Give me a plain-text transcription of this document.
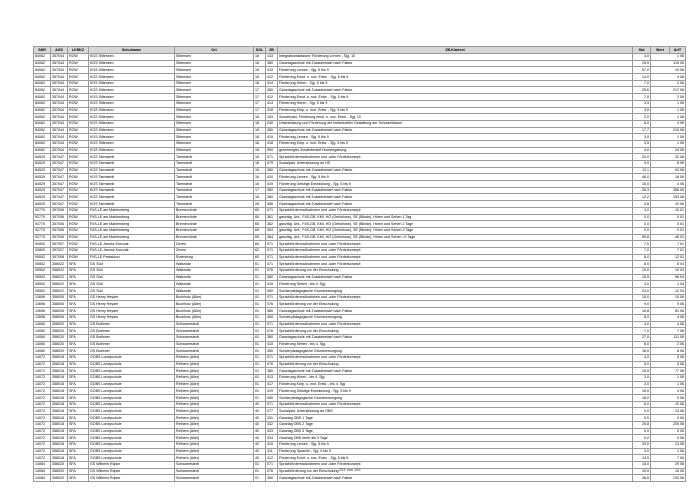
SNR	AGS	LKRKZ	Schulname	Ort	SGL	ZB	ZB-Klartext	Std	Wert	ArtT
84062	357044	ROW	KGS Sittensen	Sittensen	16	143	Integrationsklassen: Förderung Lernen - Sjg. 10	3,0	1 06	
84062	357044	ROW	KGS Sittensen	Sittensen	16	380	Ganztagsschule mit Zusatzbedarf nach Faktor	15,0	115 06	
84062	357044	ROW	KGS Sittensen	Sittensen	16	410	Förderung Lernen - Sjg. 5 bis 9	57,0	19 06	
84062	357044	ROW	KGS Sittensen	Sittensen	16	412	Förderung Emot. u. soz. Entw. - Sjg. 5 bis 9	14,0	4 06	
84062	357044	ROW	KGS Sittensen	Sittensen	16	414	Förderung Hören - Sjg. 5 bis 9	7,0	2 06	
84062	357044	ROW	KGS Sittensen	Sittensen	17	380	Ganztagsschule mit Zusatzbedarf nach Faktor	25,6	217 06	
84062	357044	ROW	KGS Sittensen	Sittensen	17	412	Förderung Emot. u. soz. Entw. - Sjg. 5 bis 9	7,0	2 06	
84062	357044	ROW	KGS Sittensen	Sittensen	17	414	Förderung Hören - Sjg. 5 bis 9	3,5	1 06	
84062	357044	ROW	KGS Sittensen	Sittensen	17	418	Förderung Körp. u. mot. Entw. - Sjg. 5 bis 9	3,5	1 06	
84062	357044	ROW	KGS Sittensen	Sittensen	18	153	Sonderpäd. Förderung emot. u. soz. Entw. - Sjg. 10	2,0	1 06	
84062	357044	ROW	KGS Sittensen	Sittensen	18	240	Unterstützung und Förderung der individuellen Gestaltung der Schulzeitdauer	8,0	4 06	
84062	357044	ROW	KGS Sittensen	Sittensen	18	380	Ganztagsschule mit Zusatzbedarf nach Faktor	17,7	219 06	
84062	357044	ROW	KGS Sittensen	Sittensen	18	415	Förderung Lernen - Sjg. 5 bis 9	3,0	1 06	
84062	357044	ROW	KGS Sittensen	Sittensen	18	418	Förderung Körp. u. mot. Entw. - Sjg. 5 bis 9	3,5	1 06	
84062	357044	ROW	KGS Sittensen	Sittensen	18	950	genehmigter Zusatzbedarf Hochbegabung	4,0	24 06	
84529	357047	ROW	KGS Tarmstedt	Tarmstedt	16	071	Sprachfördermaßnahmen und -oder Förderkonzept	20,0	32 06	
84529	357047	ROW	KGS Tarmstedt	Tarmstedt	16	079	Sozialpäd. Unterstützung an HS	9,0	8 06	
84529	357047	ROW	KGS Tarmstedt	Tarmstedt	16	380	Ganztagsschule mit Zusatzbedarf nach Faktor	12,1	92 06	
84529	357047	ROW	KGS Tarmstedt	Tarmstedt	16	410	Förderung Lernen - Sjg. 5 bis 9	48,0	16 06	
84529	357047	ROW	KGS Tarmstedt	Tarmstedt	16	419	Förderung Geistige Entwicklung - Sjg. 5 bis 9	15,0	4 06	
84529	357047	ROW	KGS Tarmstedt	Tarmstedt	17	380	Ganztagsschule mit Zusatzbedarf nach Faktor	28,3	356 06	
84529	357047	ROW	KGS Tarmstedt	Tarmstedt	18	380	Ganztagsschule mit Zusatzbedarf nach Faktor	12,2	153 06	
84529	357047	ROW	KGS Tarmstedt	Tarmstedt	28	380	Ganztagsschule mit Zusatzbedarf nach Faktor	0,8	10 06	
92770	357006	ROW	FöS-LE am Mahlersberg	Bremervörde	60	071	Sprachfördermaßnahmen und -oder Förderkonzept	3,0	10 01	
92770	357006	ROW	FöS-LE am Mahlersberg	Bremervörde	65	361	ganztäg. Unt., FöS-GB, KMI, HÖ (Gehörlose), SE (Blinde), Hören und Sehen 1 Tag	0,0	0 01	
92770	357006	ROW	FöS-LE am Mahlersberg	Bremervörde	65	362	ganztäg. Unt., FöS-GB, KMI, HÖ (Gehörlose), SE (Blinde), Hören und Sehen 2 Tage	0,0	0 01	
92770	357006	ROW	FöS-LE am Mahlersberg	Bremervörde	65	363	ganztäg. Unt., FöS-GB, KMI, HÖ (Gehörlose), SE (Blinde), Hören und Sehen 3 Tage	0,0	0 01	
92770	357006	ROW	FöS-LE am Mahlersberg	Bremervörde	65	364	ganztäg. Unt., FöS-GB, KMI, HÖ (Gehörlose), SE (Blinde), Hören und Sehen >3 Tage	59,8	46 01	
92800	357007	ROW	FöS-LE Janusz Korczak	Zeven	60	071	Sprachfördermaßnahmen und -oder Förderkonzept	7,0	7 01	
92800	357007	ROW	FöS-LE Janusz Korczak	Zeven	62	071	Sprachfördermaßnahmen und -oder Förderkonzept	7,0	7 01	
95002	357008	ROW	FöS-LE Pestalozzi	Rotenburg	60	071	Sprachfördermaßnahmen und -oder Förderkonzept	6,0	12 01	
05502	358022	SFA	GS Süd	Walsrode	01	071	Sprachfördermaßnahmen und -oder Förderkonzept	8,0	8 04	
05502	358022	SFA	GS Süd	Walsrode	01	076	Sprachförderung vor der Einschulung	10,0	10 04	
05502	358022	SFA	GS Süd	Walsrode	01	380	Ganztagsschule mit Zusatzbedarf nach Faktor	15,5	96 04	
05502	358022	SFA	GS Süd	Walsrode	01	415	Förderung Sehen - bis 4. Sjg.	3,0	1 04	
05502	358022	SFA	GS Süd	Walsrode	01	450	Sonderpädagogische Grundversorgung	24,0	12 04	
13696	358005	SFA	GS Henry Heyder	Buchholz (Aller)	01	071	Sprachfördermaßnahmen und -oder Förderkonzept	10,0	10 06	
13696	358005	SFA	GS Henry Heyder	Buchholz (Aller)	01	076	Sprachförderung vor der Einschulung	9,0	9 06	
13696	358005	SFA	GS Henry Heyder	Buchholz (Aller)	01	380	Ganztagsschule mit Zusatzbedarf nach Faktor	16,8	81 06	
13696	358005	SFA	GS Henry Heyder	Buchholz (Aller)	01	450	Sonderpädagogische Grundversorgung	8,0	4 06	
14060	358020	SFA	GS Bothmer	Schwarmstedt	01	071	Sprachfördermaßnahmen und -oder Förderkonzept	4,0	4 06	
14060	358020	SFA	GS Bothmer	Schwarmstedt	01	076	Sprachförderung vor der Einschulung	7,0	7 06	
14060	358020	SFA	GS Bothmer	Schwarmstedt	01	380	Ganztagsschule mit Zusatzbedarf nach Faktor	27,0	111 06	
14060	358020	SFA	GS Bothmer	Schwarmstedt	01	415	Förderung Sehen - bis 4. Sjg.	6,0	2 06	
14060	358020	SFA	GS Bothmer	Schwarmstedt	01	450	Sonderpädagogische Grundversorgung	16,0	8 06	
14072	358018	SFA	GOBS Londyschule	Rethem (Aller)	01	071	Sprachfördermaßnahmen und -oder Förderkonzept	4,0	5 06	
14072	358018	SFA	GOBS Londyschule	Rethem (Aller)	01	076	Sprachförderung vor der Einschulung	5,0	5 06	
14072	358018	SFA	GOBS Londyschule	Rethem (Aller)	01	380	Ganztagsschule mit Zusatzbedarf nach Faktor	15,5	77 06	
14072	358018	SFA	GOBS Londyschule	Rethem (Aller)	01	413	Förderung Hören - bis 4. Sjg.	3,0	1 06	
14072	358018	SFA	GOBS Londyschule	Rethem (Aller)	01	417	Förderung Körp. u. mot. Entw. - bis 4. Sjg.	3,0	1 06	
14072	358018	SFA	GOBS Londyschule	Rethem (Aller)	01	419	Förderung Geistige Entwicklung - Sjg. 5 bis 9	15,0	4 06	
14072	358018	SFA	GOBS Londyschule	Rethem (Aller)	01	450	Sonderpädagogische Grundversorgung	18,0	9 06	
14072	358018	SFA	GOBS Londyschule	Rethem (Aller)	40	071	Sprachfördermaßnahmen und -oder Förderkonzept	6,0	10 06	
14072	358018	SFA	GOBS Londyschule	Rethem (Aller)	40	077	Sozialpäd. Unterstützung an OBS	0,0	13 06	
14072	358018	SFA	GOBS Londyschule	Rethem (Aller)	40	331	Ganztag OBS 1 Tage	0,0	0 06	
14072	358018	SFA	GOBS Londyschule	Rethem (Aller)	40	332	Ganztag OBS 2 Tage	20,8	205 06	
14072	358018	SFA	GOBS Londyschule	Rethem (Aller)	40	333	Ganztag OBS 3 Tage	0,0	0 06	
14072	358018	SFA	GOBS Londyschule	Rethem (Aller)	40	334	Ganztag OBS mehr als 3 Tage	0,0	0 06	
14072	358018	SFA	GOBS Londyschule	Rethem (Aller)	40	410	Förderung Lernen - Sjg. 5 bis 9	39,0	13 06	
14072	358018	SFA	GOBS Londyschule	Rethem (Aller)	40	411	Förderung Sprache - Sjg. 5 bis 9	3,0	1 06	
14072	358018	SFA	GOBS Londyschule	Rethem (Aller)	40	412	Förderung Emot. u. soz. Entw. - Sjg. 5 bis 9	24,0	7 06	
14084	358020	SFA	GS Wilhelm Röpke	Schwarmstedt	01	071	Sprachfördermaßnahmen und -oder Förderkonzept	15,0	29 06	
14084	358020	SFA	GS Wilhelm Röpke	Schwarmstedt	01	076	Sprachförderung vor der Einschulung	10,0	10 06	
14084	358020	SFA	GS Wilhelm Röpke	Schwarmstedt	01	380	Ganztagsschule mit Zusatzbedarf nach Faktor	36,6	133 06	
251 von 451
